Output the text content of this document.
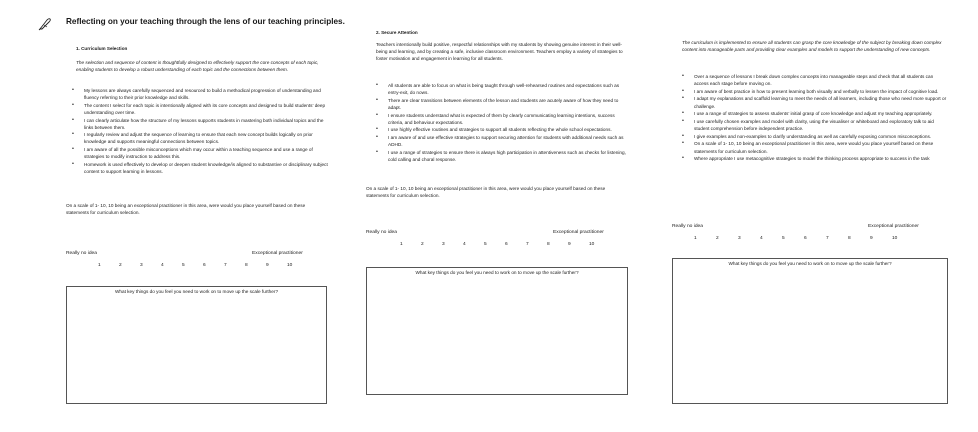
Reflecting on your teaching through the lens of our teaching principles.
1. Curriculum Selection
The selection and sequence of content is thoughtfully designed to effectively support the core concepts of each topic, enabling students to develop a robust understanding of each topic and the connections between them.
• My lessons are always carefully sequenced and resourced to build a methodical progression of understanding and fluency referring to their prior knowledge and skills.
• The content I select for each topic is intentionally aligned with its core concepts and designed to build students’ deep understanding over time.
• I can clearly articulate how the structure of my lessons supports students in mastering both individual topics and the links between them.
• I regularly review and adjust the sequence of learning to ensure that each new concept builds logically on prior knowledge and supports meaningful connections between topics.
• I am aware of all the possible misconceptions which may occur within a teaching sequence and use a range of strategies to modify instruction to address this.
• Homework is used effectively to develop or deepen student knowledge/is aligned to substantive or disciplinary subject content to support learning in lessons.
On a scale of 1- 10, 10 being an exceptional practitioner in this area, were would you place yourself based on these statements for curriculum selection.
Really no idea	Exceptional practitioner
1	2	3	4	5	6	7	8	9	10
What key things do you feel you need to work on to move up the scale further?
2. Secure Attention
Teachers intentionally build positive, respectful relationships with my students by showing genuine interest in their well-being and learning, and by creating a safe, inclusive classroom environment. Teachers employ a variety of strategies to foster motivation and engagement in learning for all students.
• All students are able to focus on what is being taught through well-rehearsed routines and expectations such as entry-exit, do nows.
• There are clear transitions between elements of the lesson and students are acutely aware of how they need to adapt.
• I ensure students understand what is expected of them by clearly communicating learning intentions, success criteria, and behaviour expectations.
• I use highly effective routines and strategies to support all students reflecting the whole school expectations.
• I am aware of and use effective strategies to support securing attention for students with additional needs such as ADHD.
• I use a range of strategies to ensure there is always high participation in attentiveness such as checks for listening, cold calling and choral response.
On a scale of 1- 10, 10 being an exceptional practitioner in this area, were would you place yourself based on these statements for curriculum selection.
Really no idea	Exceptional practitioner
1	2	3	4	5	6	7	8	9	10
What key things do you feel you need to work on to move up the scale further?
The curriculum is implemented to ensure all students can grasp the core knowledge of the subject by breaking down complex content into manageable parts and providing clear examples and models to support the understanding of new concepts.
• Over a sequence of lessons I break down complex concepts into manageable steps and check that all students can access each stage before moving on.
• I am aware of best practice in how to present learning both visually and verbally to lessen the impact of cognitive load.
• I adapt my explanations and scaffold learning to meet the needs of all learners, including those who need more support or challenge.
• I use a range of strategies to assess students’ initial grasp of core knowledge and adjust my teaching appropriately.
• I use carefully chosen examples and model with clarity, using the visualiser or whiteboard and exploratory talk to aid student comprehension before independent practice.
• I give examples and non-examples to clarify understanding as well as carefully exposing common misconceptions.
• On a scale of 1- 10, 10 being an exceptional practitioner in this area, were would you place yourself based on these statements for curriculum selection.
• Where appropriate I use metacognitive strategies to model the thinking process appropriate to success in the task
Really no idea	Exceptional practitioner
1	2	3	4	5	6	7	8	9	10
What key things do you feel you need to work on to move up the scale further?
